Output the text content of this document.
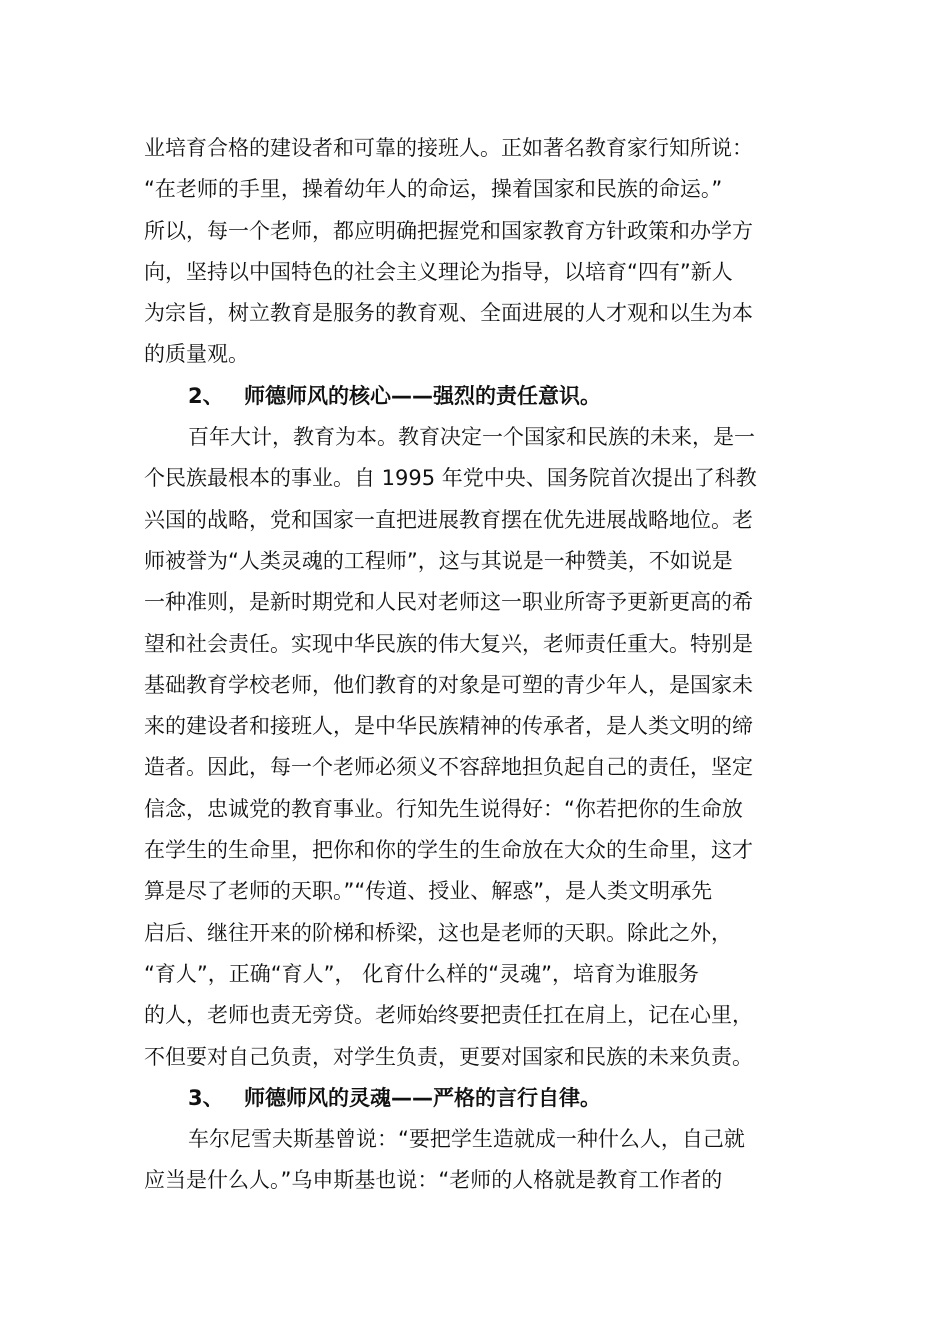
业培育合格的建设者和可靠的接班人。正如著名教育家行知所说：
“在老师的手里，操着幼年人的命运，操着国家和民族的命运。”
所以，每一个老师，都应明确把握党和国家教育方针政策和办学方
向，坚持以中国特色的社会主义理论为指导，以培育“四有”新人
为宗旨，树立教育是服务的教育观、全面进展的人才观和以生为本
的质量观。
2、 师德师风的核心——强烈的责任意识。
百年大计，教育为本。教育决定一个国家和民族的未来，是一
个民族最根本的事业。自 1995 年党中央、国务院首次提出了科教
兴国的战略，党和国家一直把进展教育摆在优先进展战略地位。老
师被誉为“人类灵魂的工程师”，这与其说是一种赞美，不如说是
一种准则，是新时期党和人民对老师这一职业所寄予更新更高的希
望和社会责任。实现中华民族的伟大复兴，老师责任重大。特别是
基础教育学校老师，他们教育的对象是可塑的青少年人，是国家未
来的建设者和接班人，是中华民族精神的传承者，是人类文明的缔
造者。因此，每一个老师必须义不容辞地担负起自己的责任，坚定
信念，忠诚党的教育事业。行知先生说得好：“你若把你的生命放
在学生的生命里，把你和你的学生的生命放在大众的生命里，这才
算是尽了老师的天职。”“传道、授业、解惑”，是人类文明承先
启后、继往开来的阶梯和桥梁，这也是老师的天职。除此之外，
“育人”，正确“育人”， 化育什么样的“灵魂”，培育为谁服务
的人，老师也责无旁贷。老师始终要把责任扛在肩上，记在心里，
不但要对自己负责，对学生负责，更要对国家和民族的未来负责。
3、 师德师风的灵魂——严格的言行自律。
车尔尼雪夫斯基曾说：“要把学生造就成一种什么人，自己就
应当是什么人。”乌申斯基也说：“老师的人格就是教育工作者的
